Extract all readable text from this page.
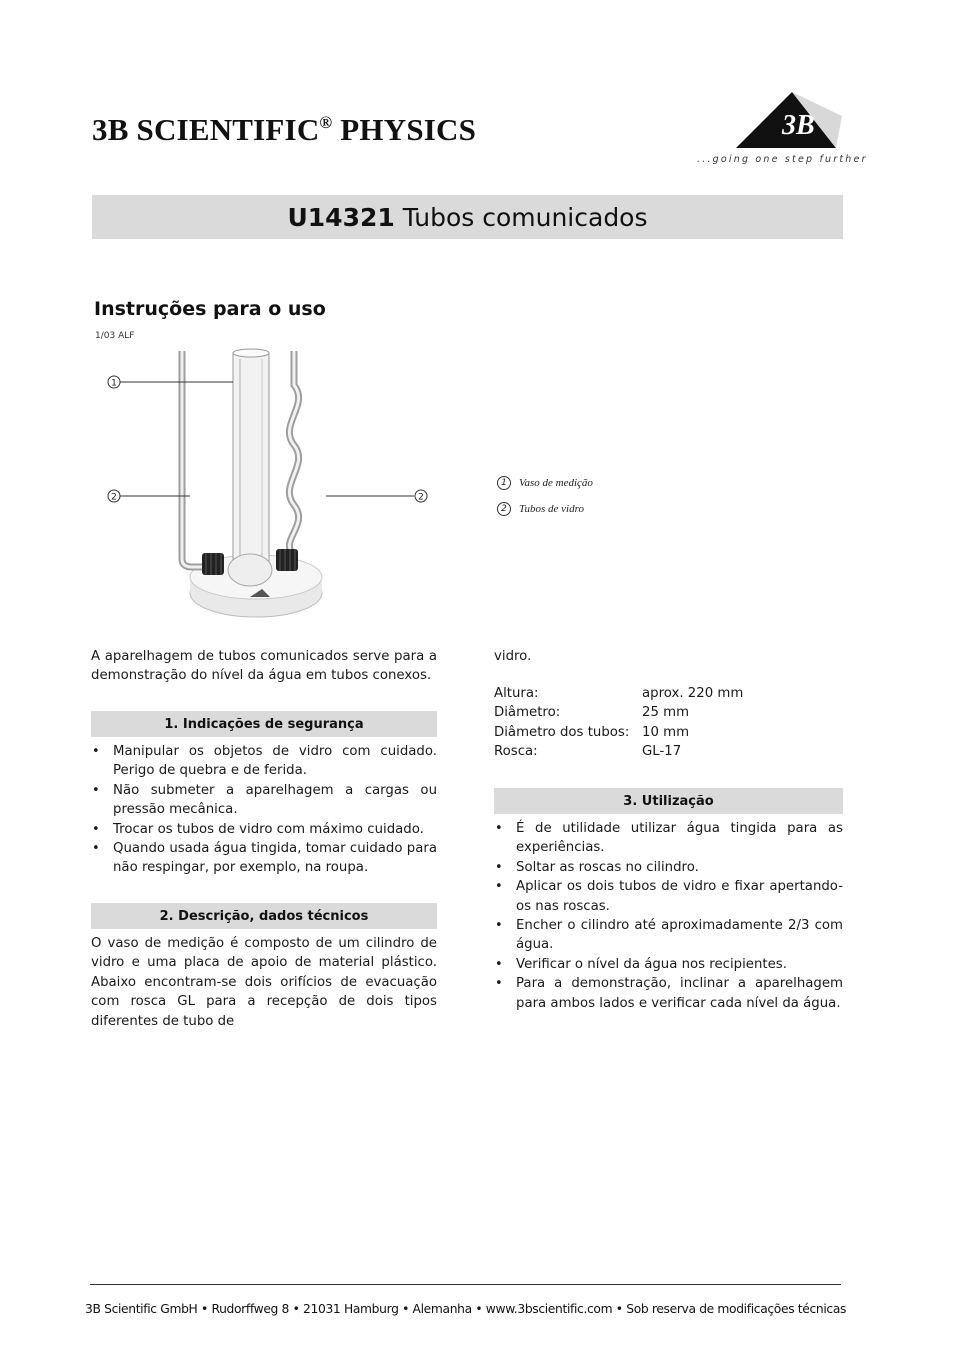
3B SCIENTIFIC® PHYSICS	3B
...going one step further
U14321 Tubos comunicados
Instruções para o uso
1/03 ALF
1
2	2
1	Vaso de medição
2	Tubos de vidro
A aparelhagem de tubos comunicados serve para a demonstração do nível da água em tubos conexos.
1. Indicações de segurança
• Manipular os objetos de vidro com cuidado. Perigo de quebra e de ferida.
• Não submeter a aparelhagem a cargas ou pressão mecânica.
• Trocar os tubos de vidro com máximo cuidado.
• Quando usada água tingida, tomar cuidado para não respingar, por exemplo, na roupa.
2. Descrição, dados técnicos
O vaso de medição é composto de um cilindro de vidro e uma placa de apoio de material plástico. Abaixo encontram-se dois orifícios de evacuação com rosca GL para a recepção de dois tipos diferentes de tubo de
vidro.
Altura:	aprox. 220 mm
Diâmetro:	25 mm
Diâmetro dos tubos: 10 mm
Rosca:	GL-17
3. Utilização
• É de utilidade utilizar água tingida para as experiências.
• Soltar as roscas no cilindro.
• Aplicar os dois tubos de vidro e fixar apertando-os nas roscas.
• Encher o cilindro até aproximadamente 2/3 com água.
• Verificar o nível da água nos recipientes.
• Para a demonstração, inclinar a aparelhagem para ambos lados e verificar cada nível da água.
3B Scientific GmbH • Rudorffweg 8 • 21031 Hamburg • Alemanha • www.3bscientific.com • Sob reserva de modificações técnicas
